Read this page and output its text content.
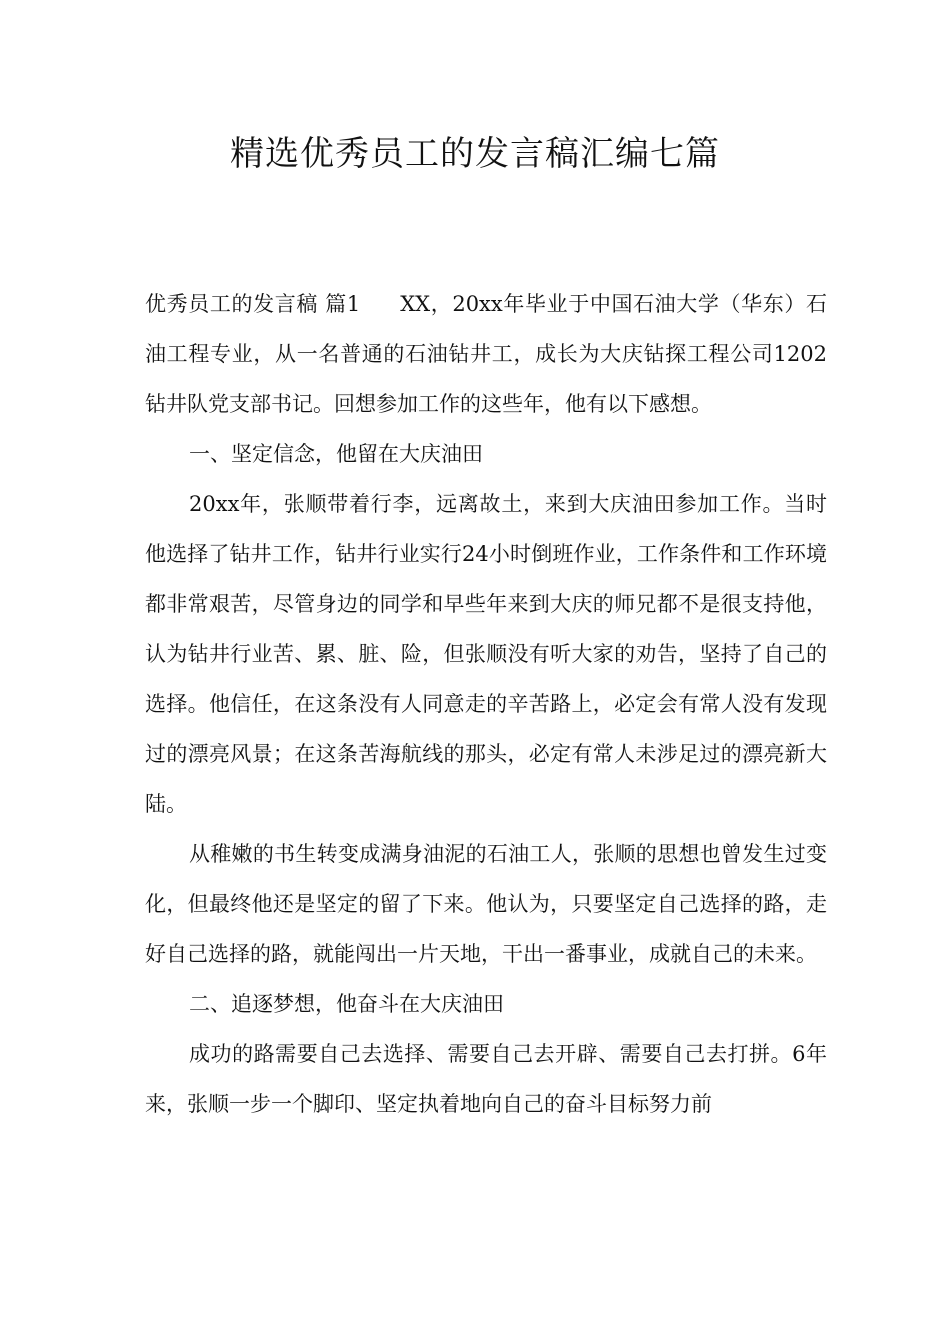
精选优秀员工的发言稿汇编七篇

优秀员工的发言稿 篇1 XX，20xx年毕业于中国石油大学（华东）石油工程专业，从一名普通的石油钻井工，成长为大庆钻探工程公司1202钻井队党支部书记。回想参加工作的这些年，他有以下感想。

一、坚定信念，他留在大庆油田

20xx年，张顺带着行李，远离故土，来到大庆油田参加工作。当时他选择了钻井工作，钻井行业实行24小时倒班作业，工作条件和工作环境都非常艰苦，尽管身边的同学和早些年来到大庆的师兄都不是很支持他，认为钻井行业苦、累、脏、险，但张顺没有听大家的劝告，坚持了自己的选择。他信任，在这条没有人同意走的辛苦路上，必定会有常人没有发现过的漂亮风景；在这条苦海航线的那头，必定有常人未涉足过的漂亮新大陆。

从稚嫩的书生转变成满身油泥的石油工人，张顺的思想也曾发生过变化，但最终他还是坚定的留了下来。他认为，只要坚定自己选择的路，走好自己选择的路，就能闯出一片天地，干出一番事业，成就自己的未来。

二、追逐梦想，他奋斗在大庆油田

成功的路需要自己去选择、需要自己去开辟、需要自己去打拼。6年来，张顺一步一个脚印、坚定执着地向自己的奋斗目标努力前
